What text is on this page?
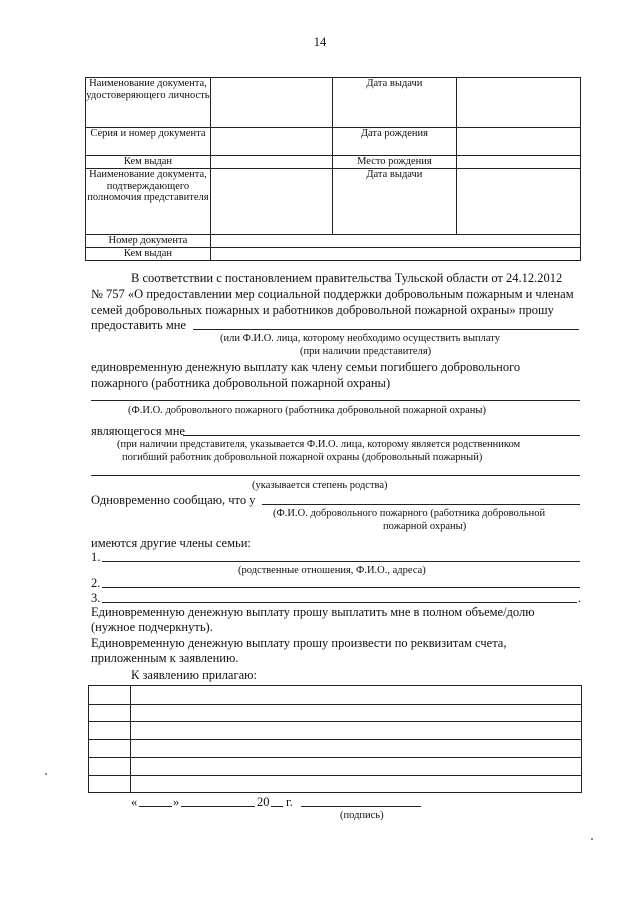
14
Наименование документа, удостоверяющего личность		Дата выдачи	
Серия и номер документа		Дата рождения	
Кем выдан		Место рождения	
Наименование документа, подтверждающего полномочия представителя		Дата выдачи	
Номер документа			
Кем выдан			
В соответствии с постановлением правительства Тульской области от 24.12.2012
№ 757 «О предоставлении мер социальной поддержки добровольным пожарным и членам
семей добровольных пожарных и работников добровольной пожарной охраны» прошу
предоставить мне
(или Ф.И.О. лица, которому необходимо осуществить выплату
(при наличии представителя)
единовременную денежную выплату как члену семьи погибшего добровольного
пожарного (работника добровольной пожарной охраны)
(Ф.И.О. добровольного пожарного (работника добровольной пожарной охраны)
являющегося мне
(при наличии представителя, указывается Ф.И.О. лица, которому является родственником
погибший работник добровольной пожарной охраны (добровольный пожарный)
(указывается степень родства)
Одновременно сообщаю, что у
(Ф.И.О. добровольного пожарного (работника добровольной
пожарной охраны)
имеются другие члены семьи:
1.
(родственные отношения, Ф.И.О., адреса)
2.
3.	.
Единовременную денежную выплату прошу выплатить мне в полном объеме/долю
(нужное подчеркнуть).
Единовременную денежную выплату прошу произвести по реквизитам счета,
приложенным к заявлению.
К заявлению прилагаю:

«	»	20 г.
(подпись)
